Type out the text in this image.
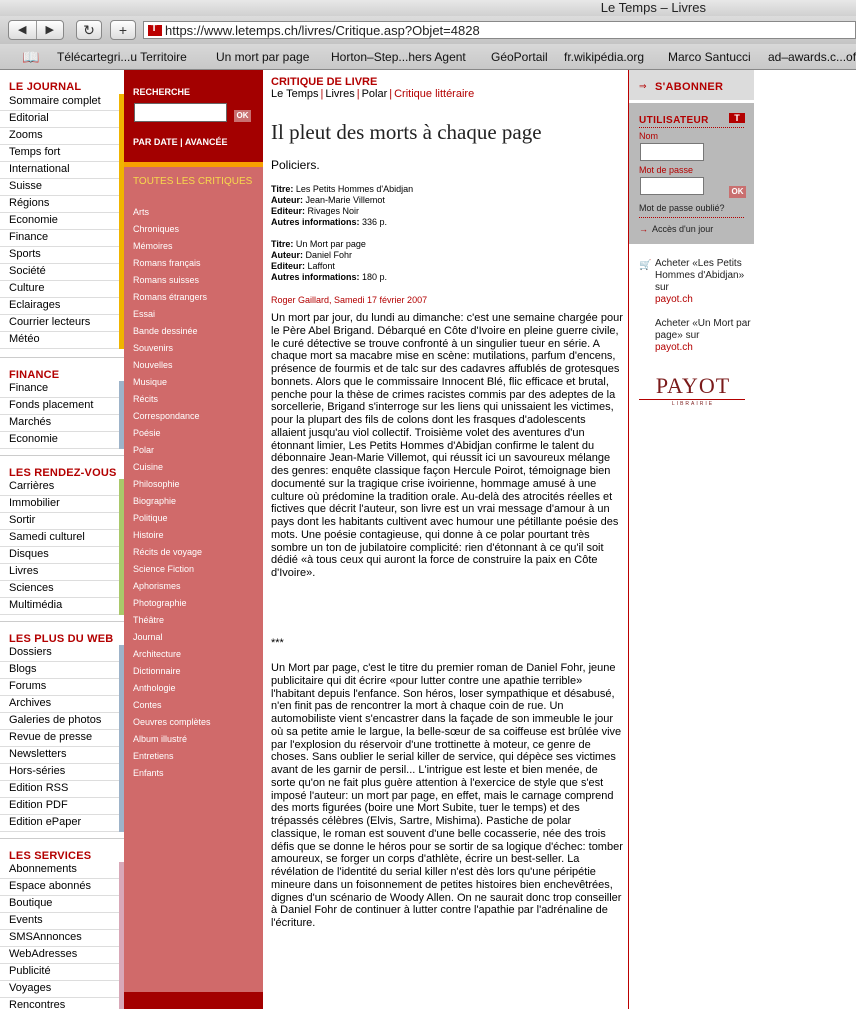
Le Temps – Livres
◀	▶	↻	+
T	https://www.letemps.ch/livres/Critique.asp?Objet=4828
📖 Télécartegri...u Territoire Un mort par page Horton–Step...hers Agent GéoPortail fr.wikipédia.org Marco Santucci ad–awards.c...of
LE JOURNAL
Sommaire complet
Editorial
Zooms
Temps fort
International
Suisse
Régions
Economie
Finance
Sports
Société
Culture
Eclairages
Courrier lecteurs
Météo
FINANCE
Finance
Fonds placement
Marchés
Economie
LES RENDEZ-VOUS
Carrières
Immobilier
Sortir
Samedi culturel
Disques
Livres
Sciences
Multimédia
LES PLUS DU WEB
Dossiers
Blogs
Forums
Archives
Galeries de photos
Revue de presse
Newsletters
Hors-séries
Edition RSS
Edition PDF
Edition ePaper
LES SERVICES
Abonnements
Espace abonnés
Boutique
Events
SMSAnnonces
WebAdresses
Publicité
Voyages
Rencontres
RECHERCHE
OK
PAR DATE | AVANCÉE
TOUTES LES CRITIQUES
Arts
Chroniques
Mémoires
Romans français
Romans suisses
Romans étrangers
Essai
Bande dessinée
Souvenirs
Nouvelles
Musique
Récits
Correspondance
Poésie
Polar
Cuisine
Philosophie
Biographie
Politique
Histoire
Récits de voyage
Science Fiction
Aphorismes
Photographie
Théâtre
Journal
Architecture
Dictionnaire
Anthologie
Contes
Oeuvres complètes
Album illustré
Entretiens
Enfants
CRITIQUE DE LIVRE
Le Temps | Livres | Polar | Critique littéraire
Il pleut des morts à chaque page
Policiers.
Titre: Les Petits Hommes d'Abidjan
Auteur: Jean-Marie Villemot
Editeur: Rivages Noir
Autres informations: 336 p.
Titre: Un Mort par page
Auteur: Daniel Fohr
Editeur: Laffont
Autres informations: 180 p.
Roger Gaillard, Samedi 17 février 2007

Un mort par jour, du lundi au dimanche: c'est une semaine chargée pour le Père Abel Brigand. Débarqué en Côte d'Ivoire en pleine guerre civile, le curé détective se trouve confronté à un singulier tueur en série. A chaque mort sa macabre mise en scène: mutilations, parfum d'encens, présence de fourmis et de talc sur des cadavres affublés de grotesques bonnets. Alors que le commissaire Innocent Blé, flic efficace et brutal, penche pour la thèse de crimes racistes commis par des adeptes de la sorcellerie, Brigand s'interroge sur les liens qui unissaient les victimes, pour la plupart des fils de colons dont les frasques d'adolescents allaient jusqu'au viol collectif. Troisième volet des aventures d'un étonnant limier, Les Petits Hommes d'Abidjan confirme le talent du débonnaire Jean-Marie Villemot, qui réussit ici un savoureux mélange des genres: enquête classique façon Hercule Poirot, témoignage bien documenté sur la tragique crise ivoirienne, hommage amusé à une culture où prédomine la tradition orale. Au-delà des atrocités réelles et fictives que décrit l'auteur, son livre est un vrai message d'amour à un pays dont les habitants cultivent avec humour une pétillante poésie des mots. Une poésie contagieuse, qui donne à ce polar pourtant très sombre un ton de jubilatoire complicité: rien d'étonnant à ce qu'il soit dédié «à tous ceux qui auront la force de construire la paix en Côte d'Ivoire».

***

Un Mort par page, c'est le titre du premier roman de Daniel Fohr, jeune publicitaire qui dit écrire «pour lutter contre une apathie terrible» l'habitant depuis l'enfance. Son héros, loser sympathique et désabusé, n'en finit pas de rencontrer la mort à chaque coin de rue. Un automobiliste vient s'encastrer dans la façade de son immeuble le jour où sa petite amie le largue, la belle-sœur de sa coiffeuse est brûlée vive par l'explosion du réservoir d'une trottinette à moteur, ce genre de choses. Sans oublier le serial killer de service, qui dépèce ses victimes avant de les garnir de persil... L'intrigue est leste et bien menée, de sorte qu'on ne fait plus guère attention à l'exercice de style que s'est imposé l'auteur: un mort par page, en effet, mais le carnage comprend des morts figurées (boire une Mort Subite, tuer le temps) et des trépassés célèbres (Elvis, Sartre, Mishima). Pastiche de polar classique, le roman est souvent d'une belle cocasserie, née des trois défis que se donne le héros pour se sortir de sa logique d'échec: tomber amoureux, se forger un corps d'athlète, écrire un best-seller. La révélation de l'identité du serial killer n'est dès lors qu'une péripétie mineure dans un foisonnement de petites histoires bien enchevêtrées, dignes d'un scénario de Woody Allen. On ne saurait donc trop conseiller à Daniel Fohr de continuer à lutter contre l'apathie par l'adrénaline de l'écriture.

⇒ S'ABONNER
UTILISATEUR	T
Nom
Mot de passe
OK
Mot de passe oublié?
→ Accès d'un jour
🛒 Acheter «Les Petits Hommes d'Abidjan» sur
payot.ch
Acheter «Un Mort par page» sur
payot.ch
PAYOT
LIBRAIRIE
